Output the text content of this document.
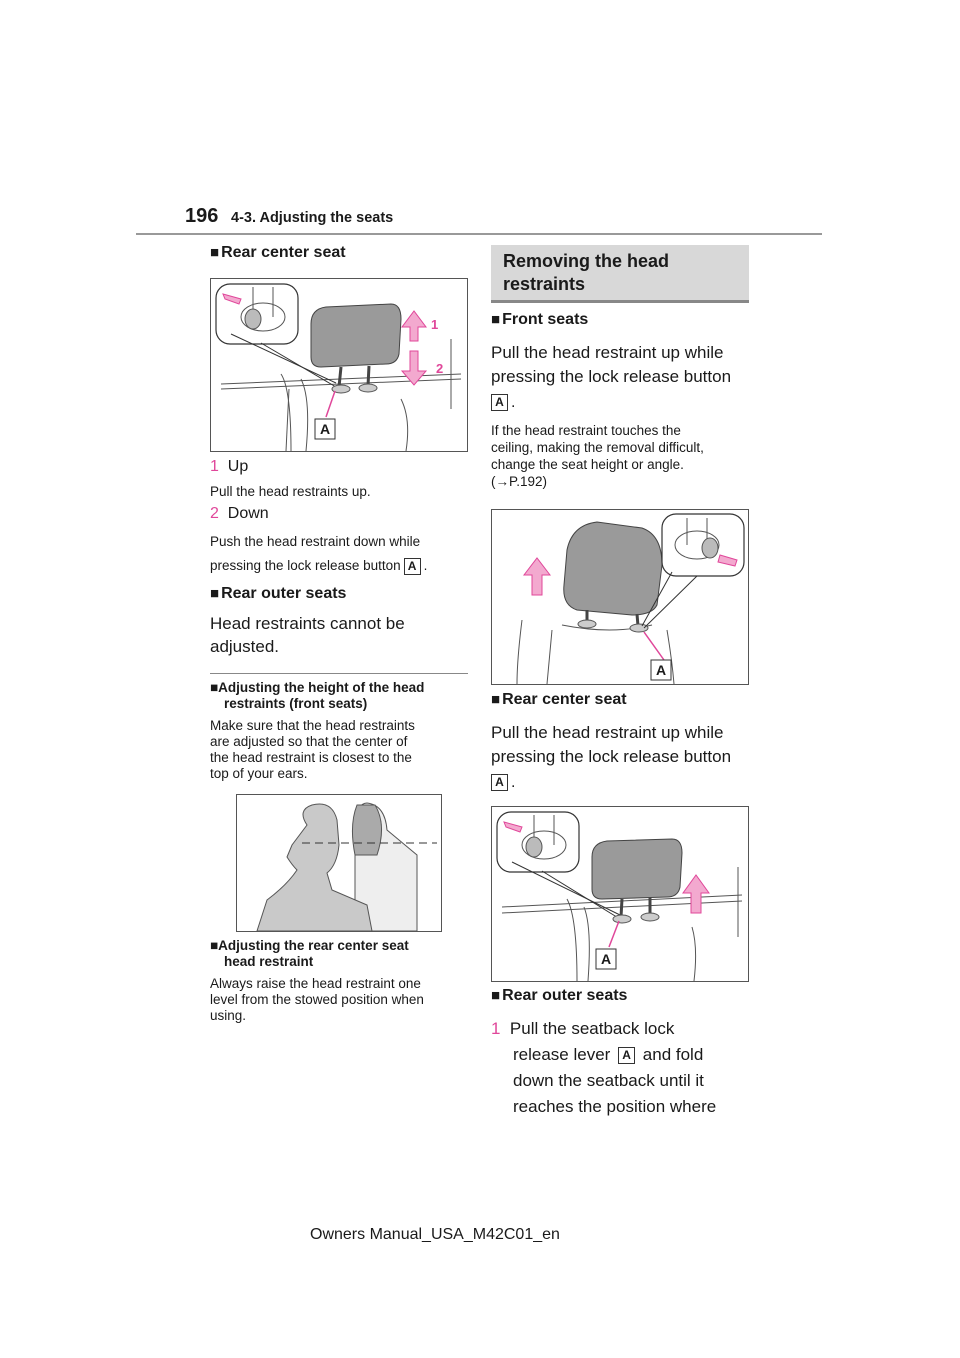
196 4-3. Adjusting the seats
■ Rear center seat
A
1
2
1 Up
Pull the head restraints up.
2 Down
Push the head restraint down while
pressing the lock release button A .
■ Rear outer seats
Head restraints cannot be
adjusted.
■Adjusting the height of the head
restraints (front seats)
Make sure that the head restraints
are adjusted so that the center of
the head restraint is closest to the
top of your ears.
■Adjusting the rear center seat
head restraint
Always raise the head restraint one
level from the stowed position when
using.
Removing the head
restraints
■ Front seats
Pull the head restraint up while
pressing the lock release button
A .
If the head restraint touches the
ceiling, making the removal difficult,
change the seat height or angle.
(→P.192)
A
■ Rear center seat
Pull the head restraint up while
pressing the lock release button
A .
A
■ Rear outer seats
1 Pull the seatback lock
release lever A and fold
down the seatback until it
reaches the position where
Owners Manual_USA_M42C01_en
